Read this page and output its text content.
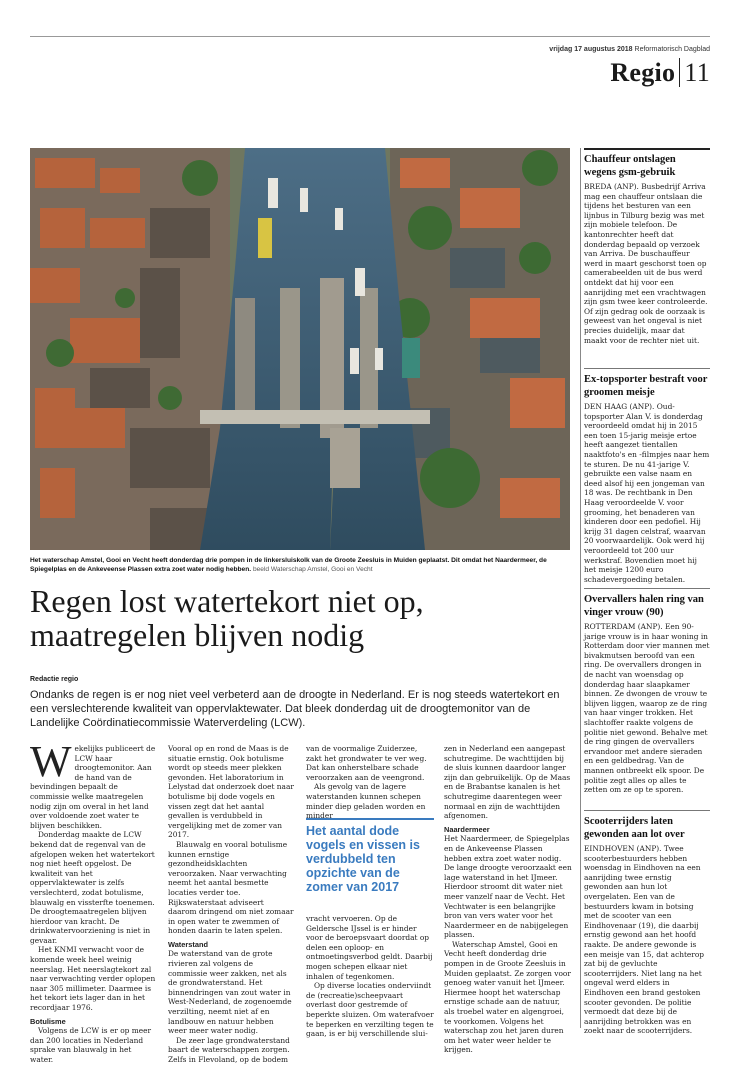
vrijdag 17 augustus 2018 Reformatorisch Dagblad
Regio 11
Het waterschap Amstel, Gooi en Vecht heeft donderdag drie pompen in de linkersluiskolk van de Groote Zeesluis in Muiden geplaatst. Dit omdat het Naardermeer, de Spiegelplas en de Ankeveense Plassen extra zoet water nodig hebben. beeld Waterschap Amstel, Gooi en Vecht
Regen lost watertekort niet op, maatregelen blijven nodig
Redactie regio
Ondanks de regen is er nog niet veel verbeterd aan de droogte in Nederland. Er is nog steeds watertekort en een verslechterende kwaliteit van oppervlaktewater. Dat bleek donderdag uit de droogtemonitor van de Landelijke Coördinatiecommissie Waterverdeling (LCW).

Wekelijks publiceert de LCW haar droogtemonitor. Aan de hand van de bevindingen bepaalt de commissie welke maatregelen nodig zijn om overal in het land over voldoende zoet water te blijven beschikken.

Donderdag maakte de LCW bekend dat de regenval van de afgelopen weken het watertekort nog niet heeft opgelost. De kwaliteit van het oppervlaktewater is zelfs verslechterd, zodat botulisme, blauwalg en vissterfte toenemen. De droogtemaatregelen blijven hierdoor van kracht. De drinkwatervoorziening is niet in gevaar.

Het KNMI verwacht voor de komende week heel weinig neerslag. Het neerslagtekort zal naar verwachting verder oplopen naar 305 millimeter. Daarmee is het tekort iets lager dan in het recordjaar 1976.

Botulisme

Volgens de LCW is er op meer dan 200 locaties in Nederland sprake van blauwalg in het water.

Vooral op en rond de Maas is de situatie ernstig. Ook botulisme wordt op steeds meer plekken gevonden. Het laboratorium in Lelystad dat onderzoek doet naar botulisme bij dode vogels en vissen zegt dat het aantal gevallen is verdubbeld in vergelijking met de zomer van 2017.

Blauwalg en vooral botulisme kunnen ernstige gezondheidsklachten veroorzaken. Naar verwachting neemt het aantal besmette locaties verder toe. Rijkswaterstaat adviseert daarom dringend om niet zomaar in open water te zwemmen of honden daarin te laten spelen.

Waterstand

De waterstand van de grote rivieren zal volgens de commissie weer zakken, net als de grondwaterstand. Het binnendringen van zout water in West-Nederland, de zogenoemde verzilting, neemt niet af en landbouw en natuur hebben weer meer water nodig.

De zeer lage grondwaterstand baart de waterschappen zorgen. Zelfs in Flevoland, op de bodem

van de voormalige Zuiderzee, zakt het grondwater te ver weg. Dat kan onherstelbare schade veroorzaken aan de veengrond.

Als gevolg van de lagere waterstanden kunnen schepen minder diep geladen worden en minder

Het aantal dode vogels en vissen is verdubbeld ten opzichte van de zomer van 2017

vracht vervoeren. Op de Geldersche IJssel is er hinder voor de beroepsvaart doordat op delen een oploop- en ontmoetingsverbod geldt. Daarbij mogen schepen elkaar niet inhalen of tegenkomen.

Op diverse locaties onderviindt de (recreatie)scheepvaart overlast door gestremde of beperkte sluizen. Om waterafvoer te beperken en verzilting tegen te gaan, is er bij verschillende slui-

zen in Nederland een aangepast schutregime. De wachttijden bij de sluis kunnen daardoor langer zijn dan gebruikelijk. Op de Maas en de Brabantse kanalen is het schutregime daarentegen weer normaal en zijn de wachttijden afgenomen.

Naardermeer

Het Naardermeer, de Spiegelplas en de Ankeveense Plassen hebben extra zoet water nodig. De lange droogte veroorzaakt een lage waterstand in het IJmeer. Hierdoor stroomt dit water niet meer vanzelf naar de Vecht. Het Vechtwater is een belangrijke bron van vers water voor het Naardermeer en de nabijgelegen plassen.

Waterschap Amstel, Gooi en Vecht heeft donderdag drie pompen in de Groote Zeesluis in Muiden geplaatst. Ze zorgen voor genoeg water vanuit het IJmeer. Hiermee hoopt het waterschap ernstige schade aan de natuur, als troebel water en algengroei, te voorkomen. Volgens het waterschap zou het jaren duren om het water weer helder te krijgen.

Chauffeur ontslagen wegens gsm-gebruik

BREDA (ANP). Busbedrijf Arriva mag een chauffeur ontslaan die tijdens het besturen van een lijnbus in Tilburg bezig was met zijn mobiele telefoon. De kantonrechter heeft dat donderdag bepaald op verzoek van Arriva. De buschauffeur werd in maart geschorst toen op camerabeelden uit de bus werd ontdekt dat hij voor een aanrijding met een vrachtwagen zijn gsm twee keer controleerde. Of zijn gedrag ook de oorzaak is geweest van het ongeval is niet precies duidelijk, maar dat maakt voor de rechter niet uit.

Ex-topsporter bestraft voor groomen meisje

DEN HAAG (ANP). Oud-topsporter Alan V. is donderdag veroordeeld omdat hij in 2015 een toen 15-jarig meisje ertoe heeft aangezet tientallen naaktfoto's en -filmpjes naar hem te sturen. De nu 41-jarige V. gebruikte een valse naam en deed alsof hij een jongeman van 18 was. De rechtbank in Den Haag veroordeelde V. voor grooming, het benaderen van kinderen door een pedofiel. Hij krijg 31 dagen celstraf, waarvan 20 voorwaardelijk. Ook werd hij veroordeeld tot 200 uur werkstraf. Bovendien moet hij het meisje 1200 euro schadevergoeding betalen.

Overvallers halen ring van vinger vrouw (90)

ROTTERDAM (ANP). Een 90-jarige vrouw is in haar woning in Rotterdam door vier mannen met bivakmutsen beroofd van een ring. De overvallers drongen in de nacht van woensdag op donderdag haar slaapkamer binnen. Ze dwongen de vrouw te blijven liggen, waarop ze de ring van haar vinger trokken. Het slachtoffer raakte volgens de politie niet gewond. Behalve met de ring gingen de overvallers ervandoor met andere sieraden en een geldbedrag. Van de mannen ontbreekt elk spoor. De politie zegt alles op alles te zetten om ze op te sporen.

Scooterrijders laten gewonden aan lot over

EINDHOVEN (ANP). Twee scooterbestuurders hebben woensdag in Eindhoven na een aanrijding twee ernstig gewonden aan hun lot overgelaten. Een van de bestuurders kwam in botsing met de scooter van een Eindhovenaar (19), die daarbij ernstig gewond aan het hoofd raakte. De andere gewonde is een meisje van 15, dat achterop zat bij de gevluchte scooterrijders. Niet lang na het ongeval werd elders in Eindhoven een brand gestoken scooter gevonden. De politie vermoedt dat deze bij de aanrijding betrokken was en zoekt naar de scooterrijders.
